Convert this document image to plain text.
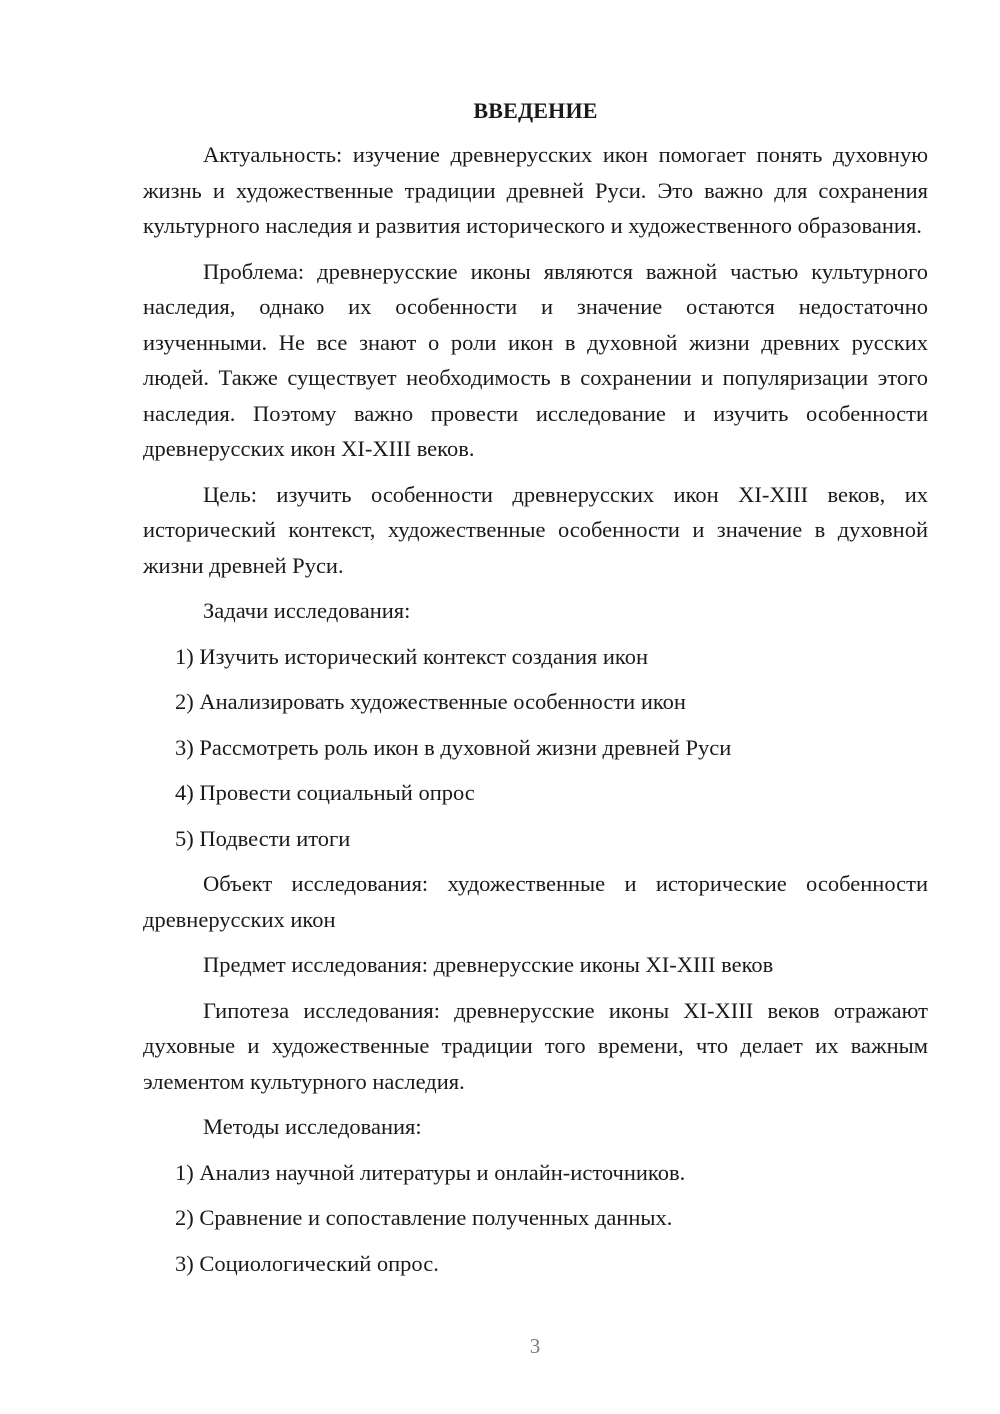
ВВЕДЕНИЕ

Актуальность: изучение древнерусских икон помогает понять духовную жизнь и художественные традиции древней Руси. Это важно для сохранения культурного наследия и развития исторического и художественного образования.

Проблема: древнерусские иконы являются важной частью культурного наследия, однако их особенности и значение остаются недостаточно изученными. Не все знают о роли икон в духовной жизни древних русских людей. Также существует необходимость в сохранении и популяризации этого наследия. Поэтому важно провести исследование и изучить особенности древнерусских икон XI-XIII веков.

Цель: изучить особенности древнерусских икон XI-XIII веков, их исторический контекст, художественные особенности и значение в духовной жизни древней Руси.

Задачи исследования:
1) Изучить исторический контекст создания икон
2) Анализировать художественные особенности икон
3) Рассмотреть роль икон в духовной жизни древней Руси
4) Провести социальный опрос
5) Подвести итоги

Объект исследования: художественные и исторические особенности древнерусских икон

Предмет исследования: древнерусские иконы XI-XIII веков

Гипотеза исследования: древнерусские иконы XI-XIII веков отражают духовные и художественные традиции того времени, что делает их важным элементом культурного наследия.

Методы исследования:
1) Анализ научной литературы и онлайн-источников.
2) Сравнение и сопоставление полученных данных.
3) Социологический опрос.
3
